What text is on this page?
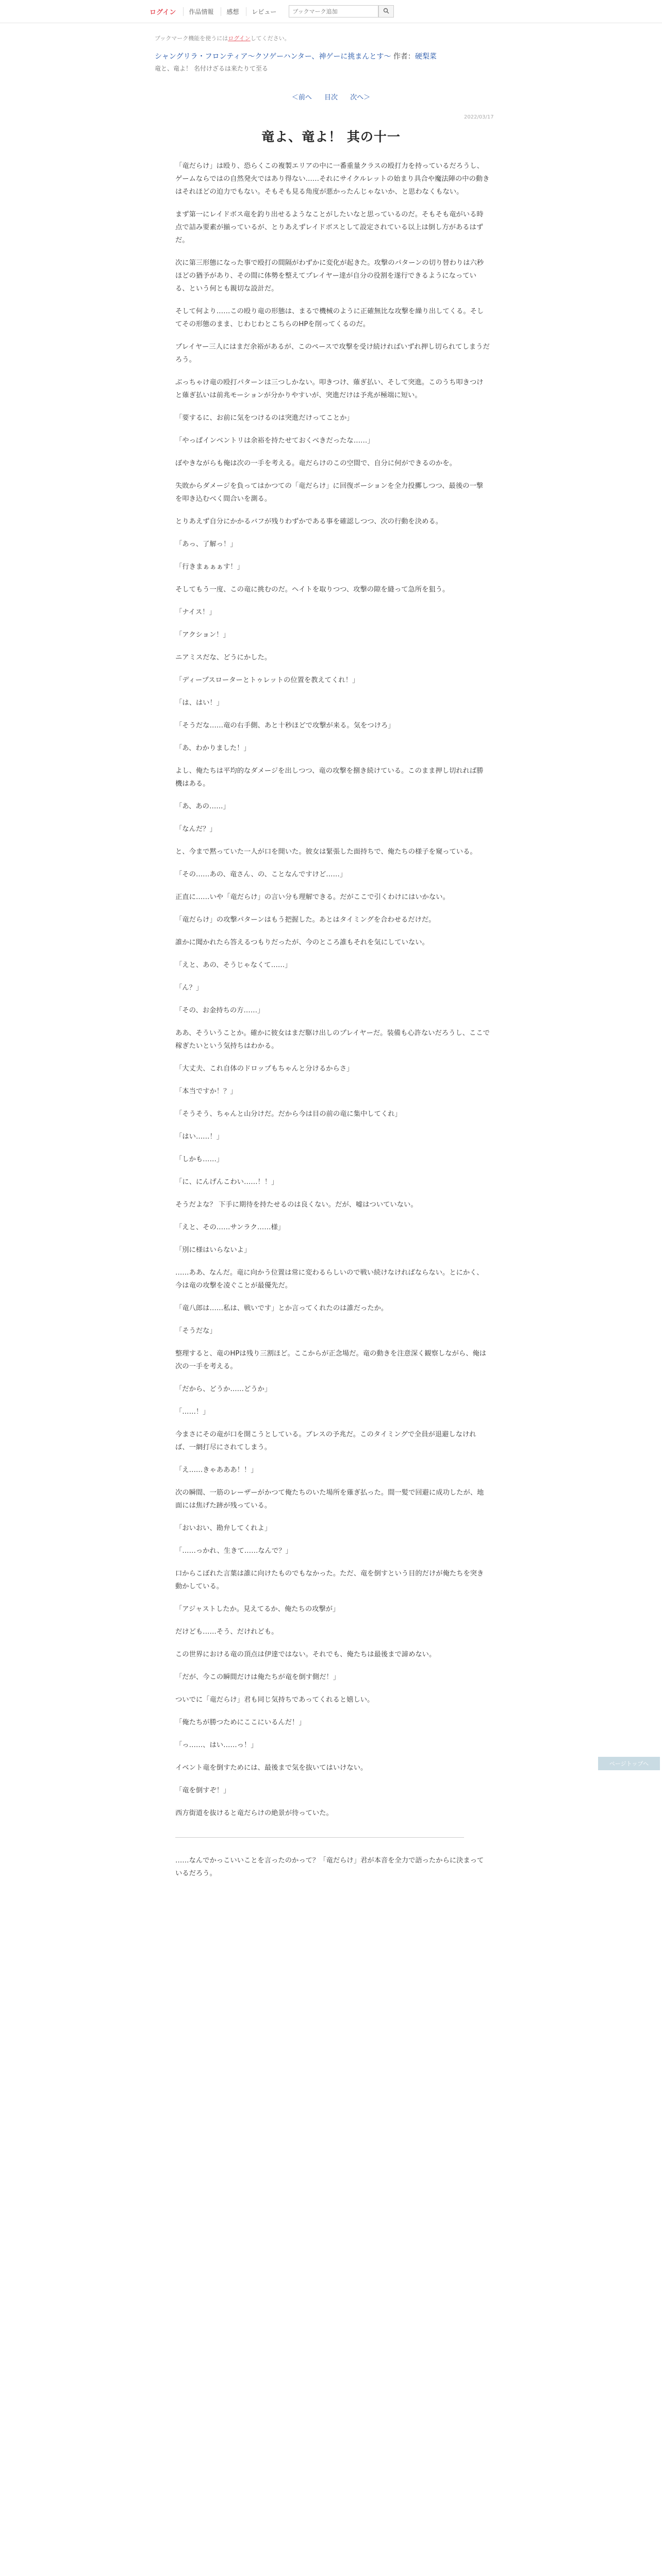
ログイン	作品情報	感想	レビュー
ブックマーク追加
ブックマーク機能を使うにはログインしてください。
シャングリラ・フロンティア〜クソゲーハンター、神ゲーに挑まんとす〜 作者：硬梨菜
竜と、竜よ！ 名付けざるは来たりて至る
＜前へ 目次 次へ＞
2022/03/17
竜よ、竜よ！ 其の十一

「竜だらけ」は殴り、恐らくこの複製エリアの中に一番重量クラスの殴打力を持っているだろうし、ゲームならではの自然発火ではあり得ない……それにサイクルレットの始まり具合や魔法陣の中の動きはそれほどの迫力でもない。そもそも見る角度が悪かったんじゃないか、と思わなくもない。

まず第一にレイドボス竜を釣り出せるようなことがしたいなと思っているのだ。そもそも竜がいる時点で詰み要素が揃っているが、とりあえずレイドボスとして設定されている以上は倒し方があるはずだ。

次に第三形態になった事で殴打の間隔がわずかに変化が起きた。攻撃のパターンの切り替わりは六秒ほどの猶予があり、その間に体勢を整えてプレイヤー達が自分の役割を遂行できるようになっている、という何とも親切な設計だ。

そして何より……この殴り竜の形態は、まるで機械のように正確無比な攻撃を繰り出してくる。そしてその形態のまま、じわじわとこちらのHPを削ってくるのだ。

プレイヤー三人にはまだ余裕があるが、このペースで攻撃を受け続ければいずれ押し切られてしまうだろう。

ぶっちゃけ竜の殴打パターンは三つしかない。叩きつけ、薙ぎ払い、そして突進。このうち叩きつけと薙ぎ払いは前兆モーションが分かりやすいが、突進だけは予兆が極端に短い。

「要するに、お前に気をつけるのは突進だけってことか」

「やっぱインベントリは余裕を持たせておくべきだったな……」

ぼやきながらも俺は次の一手を考える。竜だらけのこの空間で、自分に何ができるのかを。

失敗からダメージを負ってはかつての「竜だらけ」に回復ポーションを全力投擲しつつ、最後の一撃を叩き込むべく間合いを測る。

とりあえず自分にかかるバフが残りわずかである事を確認しつつ、次の行動を決める。

「あっ、了解っ！」

「行きまぁぁぁす！」

そしてもう一度、この竜に挑むのだ。ヘイトを取りつつ、攻撃の隙を縫って急所を狙う。

「ナイス！」

「アクション！」

ニアミスだな、どうにかした。

「ディープスローターとトゥレットの位置を教えてくれ！」

「は、はい！」

「そうだな……竜の右手側、あと十秒ほどで攻撃が来る。気をつけろ」

「あ、わかりました！」

よし、俺たちは平均的なダメージを出しつつ、竜の攻撃を捌き続けている。このまま押し切れれば勝機はある。

「あ、あの……」

「なんだ？」

と、今まで黙っていた一人が口を開いた。彼女は緊張した面持ちで、俺たちの様子を窺っている。

「その……あの、竜さん、の、ことなんですけど……」

正直に……いや「竜だらけ」の言い分も理解できる。だがここで引くわけにはいかない。

「竜だらけ」の攻撃パターンはもう把握した。あとはタイミングを合わせるだけだ。

誰かに聞かれたら答えるつもりだったが、今のところ誰もそれを気にしていない。

「えと、あの、そうじゃなくて……」

「ん？」

「その、お金持ちの方……」

ああ、そういうことか。確かに彼女はまだ駆け出しのプレイヤーだ。装備も心許ないだろうし、ここで稼ぎたいという気持ちはわかる。

「大丈夫、これ自体のドロップもちゃんと分けるからさ」

「本当ですか！？」

「そうそう、ちゃんと山分けだ。だから今は目の前の竜に集中してくれ」

「はい……！」

「しかも……」

「に、にんげんこわい……！！」

そうだよな？ 下手に期待を持たせるのは良くない。だが、嘘はついていない。

「えと、その……サンラク……様」

「別に様はいらないよ」

……ああ、なんだ。竜に向かう位置は常に変わるらしいので戦い続けなければならない。とにかく、今は竜の攻撃を凌ぐことが最優先だ。

「竜八郎は……私は、戦いです」とか言ってくれたのは誰だったか。

「そうだな」

整理すると、竜のHPは残り三割ほど。ここからが正念場だ。竜の動きを注意深く観察しながら、俺は次の一手を考える。

「だから、どうか……どうか」

「……！」

今まさにその竜が口を開こうとしている。ブレスの予兆だ。このタイミングで全員が退避しなければ、一網打尽にされてしまう。

「え……きゃあああ！！」

次の瞬間、一筋のレーザーがかつて俺たちのいた場所を薙ぎ払った。間一髪で回避に成功したが、地面には焦げた跡が残っている。

「おいおい、勘弁してくれよ」

「……っかれ、生きて……なんで？」

口からこぼれた言葉は誰に向けたものでもなかった。ただ、竜を倒すという目的だけが俺たちを突き動かしている。

「アジャストしたか。見えてるか、俺たちの攻撃が」

だけども……そう、だけれども。

この世界における竜の頂点は伊達ではない。それでも、俺たちは最後まで諦めない。

「だが、今この瞬間だけは俺たちが竜を倒す側だ！」

ついでに「竜だらけ」君も同じ気持ちであってくれると嬉しい。

「俺たちが勝つためにここにいるんだ！」

「っ……、はい……っ！」

イベント竜を倒すためには、最後まで気を抜いてはいけない。

「竜を倒すぞ！」

西方街道を抜けると竜だらけの絶景が待っていた。

……なんでかっこいいことを言ったのかって？「竜だらけ」君が本音を全力で語ったからに決まっているだろう。

ページトップへ
